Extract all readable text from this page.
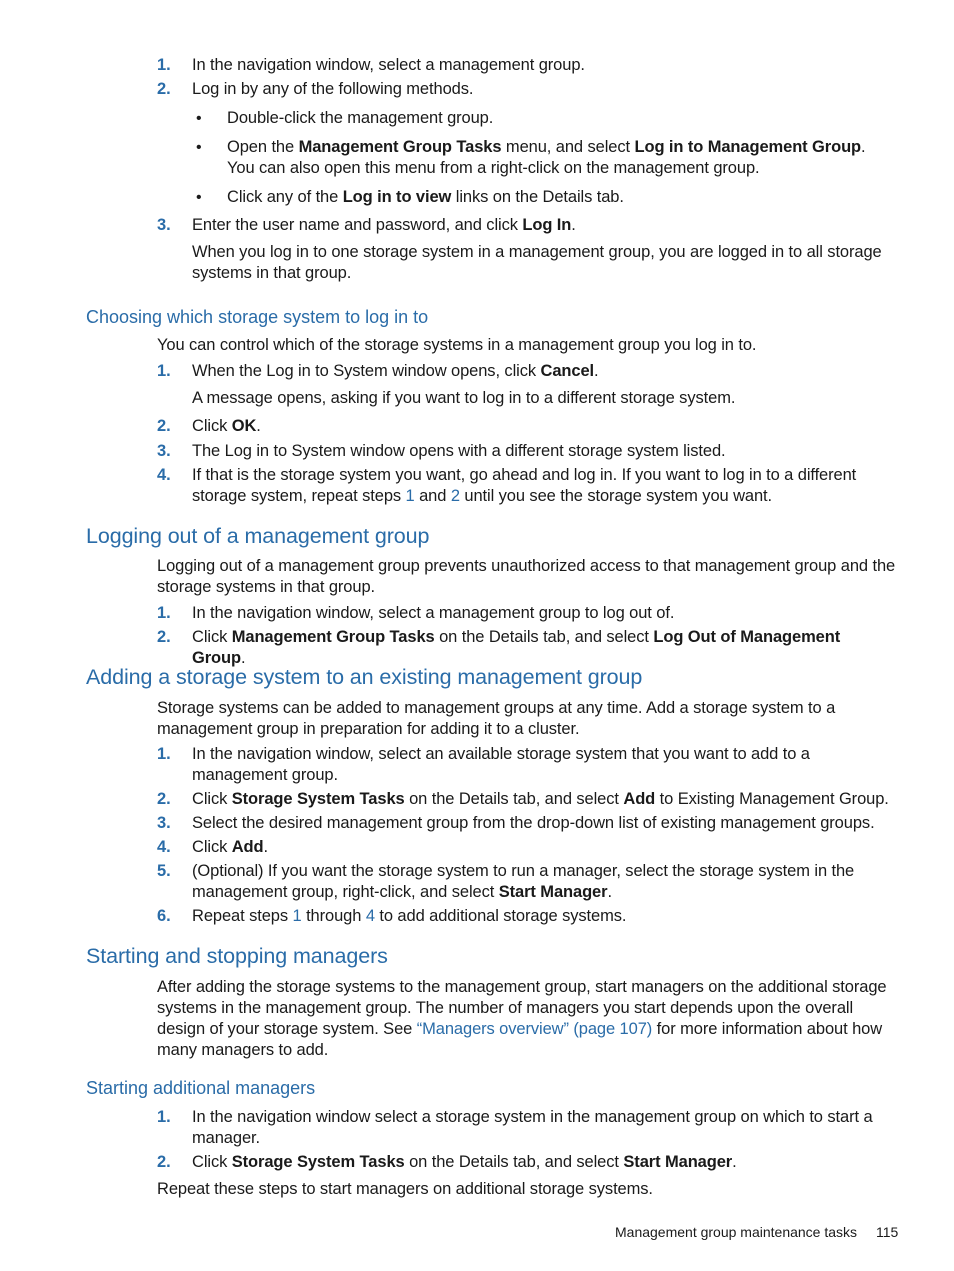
1. In the navigation window, select a management group.
2. Log in by any of the following methods.
• Double-click the management group.
• Open the Management Group Tasks menu, and select Log in to Management Group. You can also open this menu from a right-click on the management group.
• Click any of the Log in to view links on the Details tab.
3. Enter the user name and password, and click Log In.
When you log in to one storage system in a management group, you are logged in to all storage systems in that group.
Choosing which storage system to log in to
You can control which of the storage systems in a management group you log in to.
1. When the Log in to System window opens, click Cancel.
A message opens, asking if you want to log in to a different storage system.
2. Click OK.
3. The Log in to System window opens with a different storage system listed.
4. If that is the storage system you want, go ahead and log in. If you want to log in to a different storage system, repeat steps 1 and 2 until you see the storage system you want.
Logging out of a management group
Logging out of a management group prevents unauthorized access to that management group and the storage systems in that group.
1. In the navigation window, select a management group to log out of.
2. Click Management Group Tasks on the Details tab, and select Log Out of Management Group.
Adding a storage system to an existing management group
Storage systems can be added to management groups at any time. Add a storage system to a management group in preparation for adding it to a cluster.
1. In the navigation window, select an available storage system that you want to add to a management group.
2. Click Storage System Tasks on the Details tab, and select Add to Existing Management Group.
3. Select the desired management group from the drop-down list of existing management groups.
4. Click Add.
5. (Optional) If you want the storage system to run a manager, select the storage system in the management group, right-click, and select Start Manager.
6. Repeat steps 1 through 4 to add additional storage systems.
Starting and stopping managers
After adding the storage systems to the management group, start managers on the additional storage systems in the management group. The number of managers you start depends upon the overall design of your storage system. See “Managers overview” (page 107) for more information about how many managers to add.
Starting additional managers
1. In the navigation window select a storage system in the management group on which to start a manager.
2. Click Storage System Tasks on the Details tab, and select Start Manager.
Repeat these steps to start managers on additional storage systems.
Management group maintenance tasks 115
